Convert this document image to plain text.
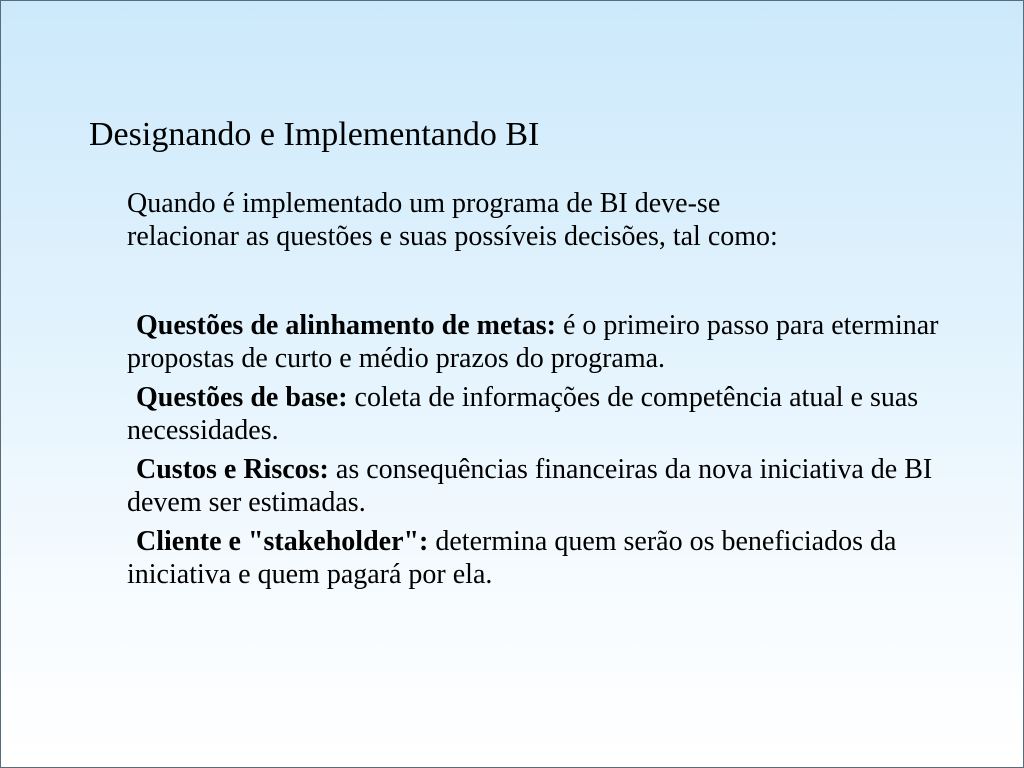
Designando e Implementando BI
Quando é implementado um programa de BI deve-se
relacionar as questões e suas possíveis decisões, tal como:
Questões de alinhamento de metas: é o primeiro passo para eterminar propostas de curto e médio prazos do programa.
Questões de base: coleta de informações de competência atual e suas necessidades.
Custos e Riscos: as consequências financeiras da nova iniciativa de BI devem ser estimadas.
Cliente e "stakeholder": determina quem serão os beneficiados da iniciativa e quem pagará por ela.
